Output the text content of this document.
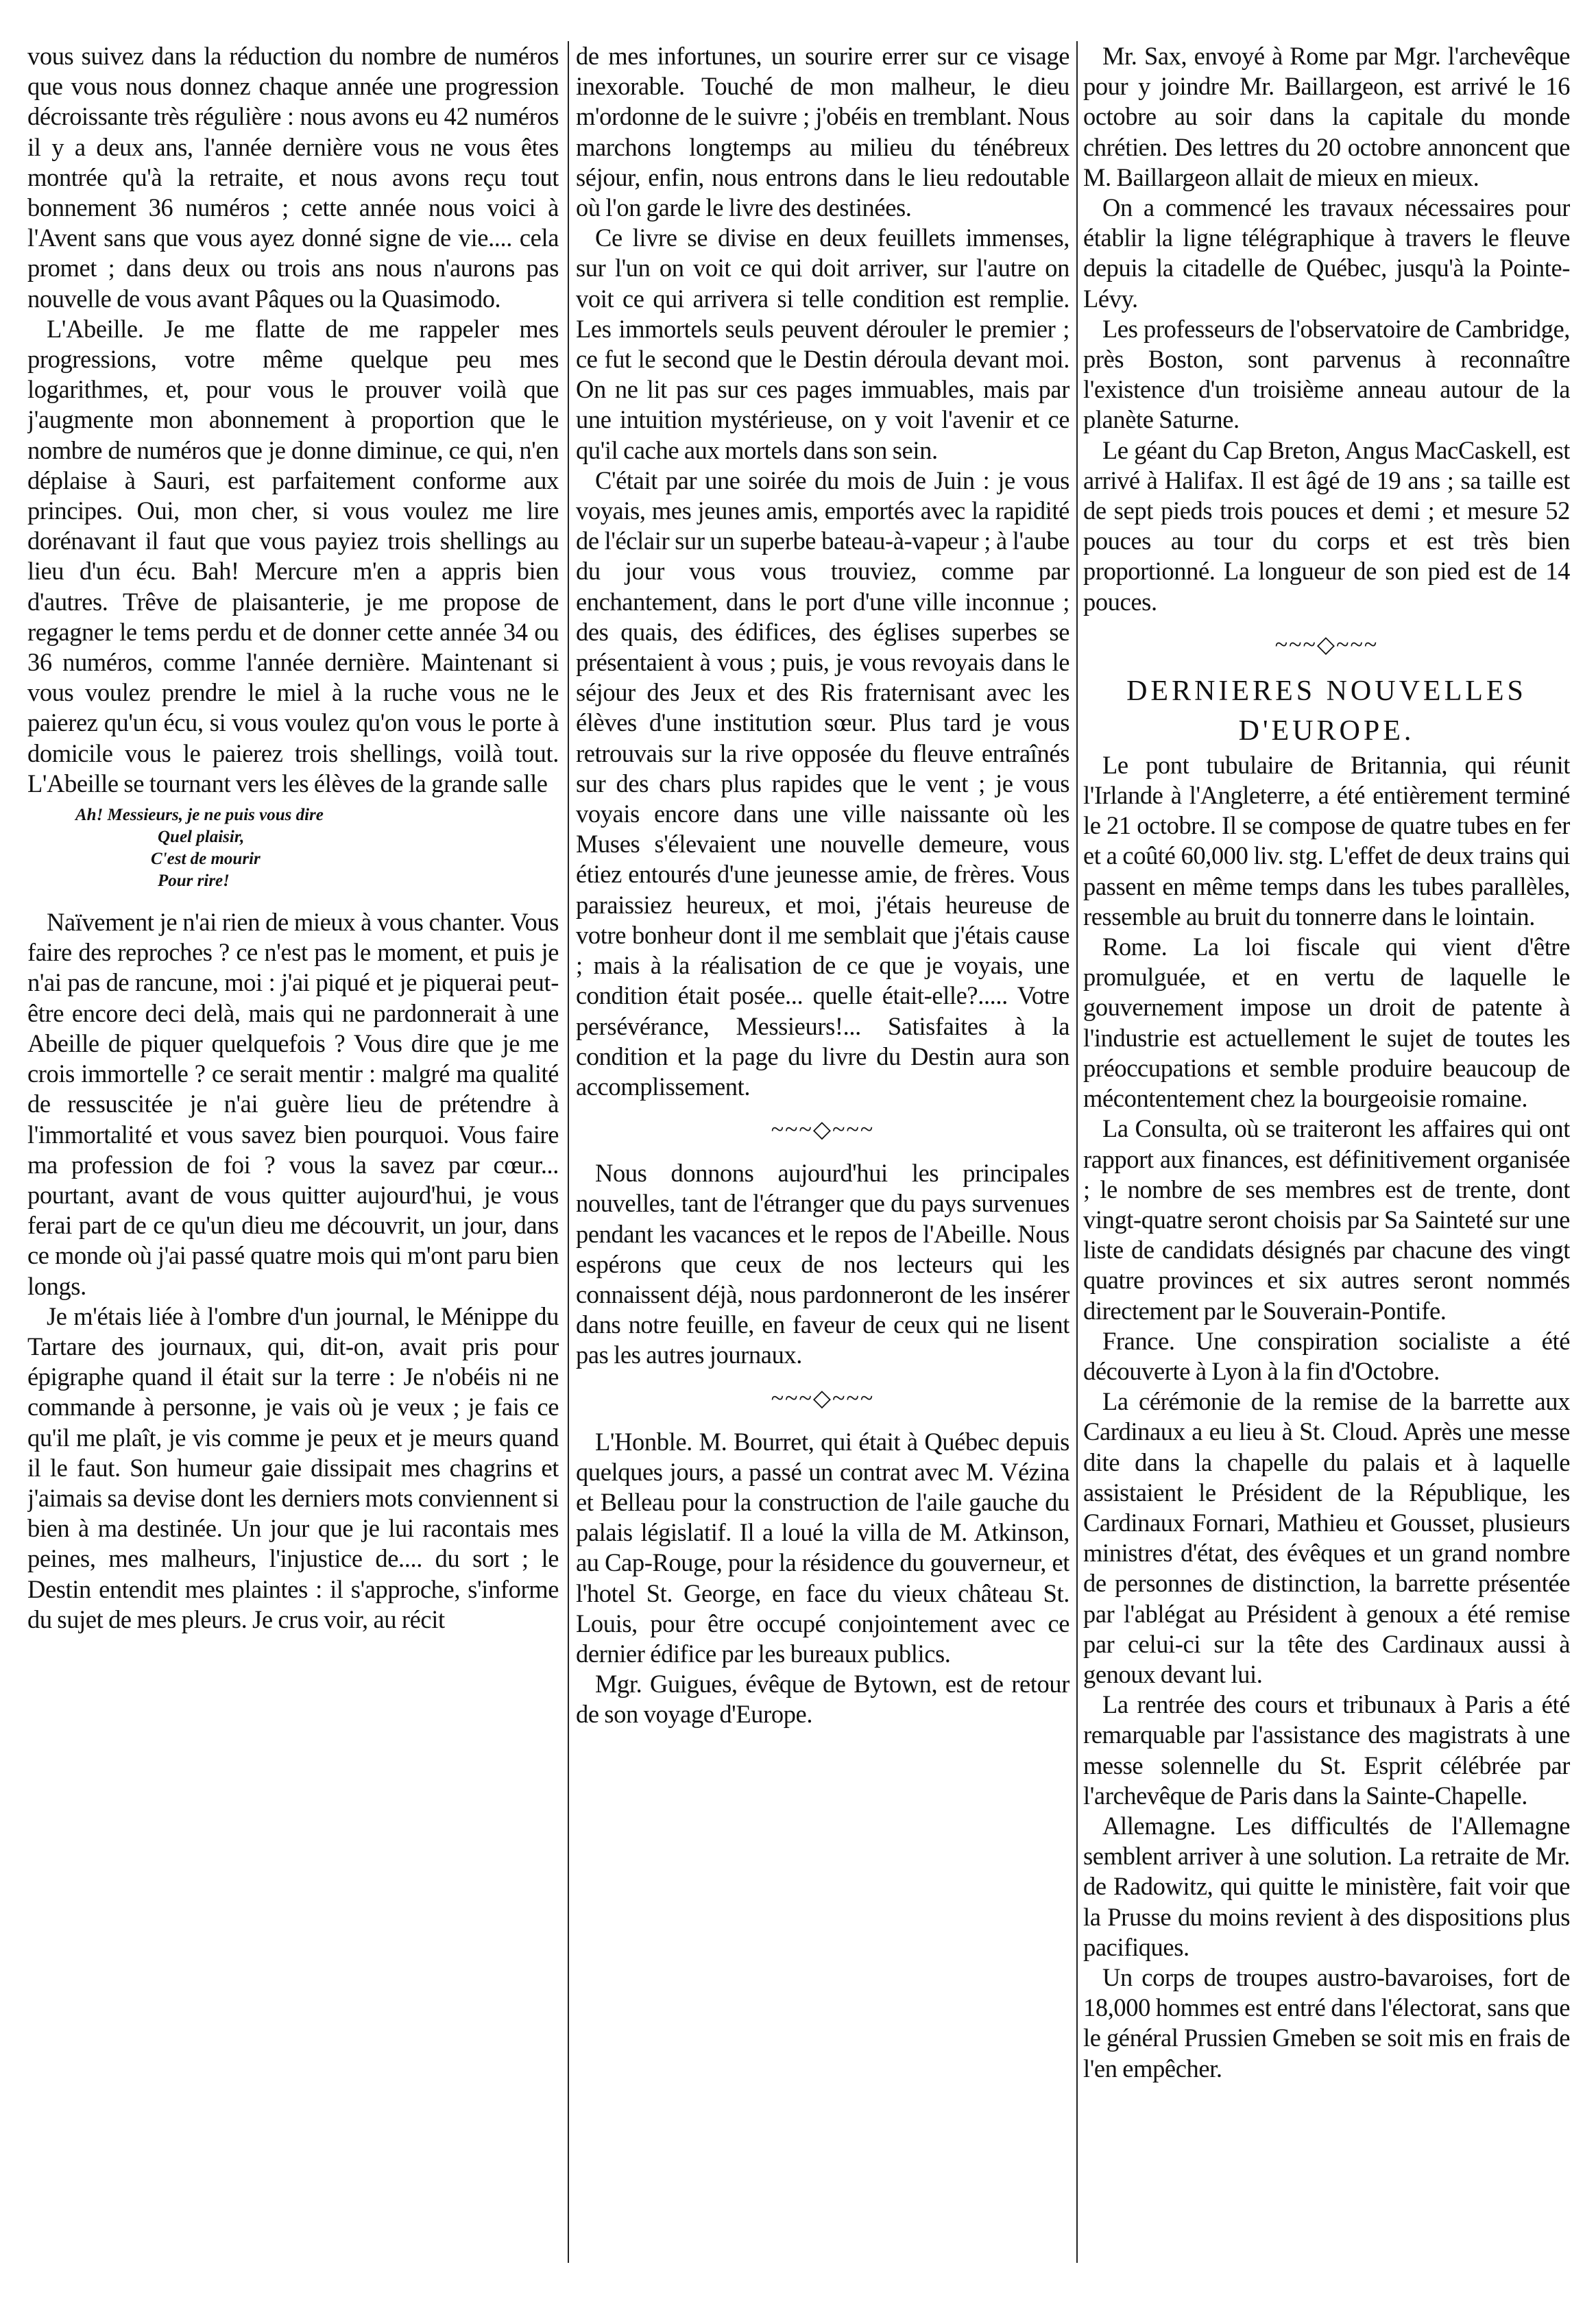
vous suivez dans la réduction du nombre de numéros que vous nous donnez chaque année une progression décroissante très régulière : nous avons eu 42 numéros il y a deux ans, l'année dernière vous ne vous êtes montrée qu'à la retraite, et nous avons reçu tout bonnement 36 numéros ; cette année nous voici à l'Avent sans que vous ayez donné signe de vie.... cela promet ; dans deux ou trois ans nous n'aurons pas nouvelle de vous avant Pâques ou la Quasimodo.

L'Abeille. Je me flatte de me rappeler mes progressions, votre même quelque peu mes logarithmes, et, pour vous le prouver voilà que j'augmente mon abonnement à proportion que le nombre de numéros que je donne diminue, ce qui, n'en déplaise à Sauri, est parfaitement conforme aux principes. Oui, mon cher, si vous voulez me lire dorénavant il faut que vous payiez trois shellings au lieu d'un écu. Bah! Mercure m'en a appris bien d'autres. Trêve de plaisanterie, je me propose de regagner le tems perdu et de donner cette année 34 ou 36 numéros, comme l'année dernière. Maintenant si vous voulez prendre le miel à la ruche vous ne le paierez qu'un écu, si vous voulez qu'on vous le porte à domicile vous le paierez trois shellings, voilà tout. L'Abeille se tournant vers les élèves de la grande salle

Ah! Messieurs, je ne puis vous dire
Quel plaisir,
C'est de mourir
Pour rire!

Naïvement je n'ai rien de mieux à vous chanter. Vous faire des reproches ? ce n'est pas le moment, et puis je n'ai pas de rancune, moi : j'ai piqué et je piquerai peut-être encore deci delà, mais qui ne pardonnerait à une Abeille de piquer quelquefois ? Vous dire que je me crois immortelle ? ce serait mentir : malgré ma qualité de ressuscitée je n'ai guère lieu de prétendre à l'immortalité et vous savez bien pourquoi. Vous faire ma profession de foi ? vous la savez par cœur... pourtant, avant de vous quitter aujourd'hui, je vous ferai part de ce qu'un dieu me découvrit, un jour, dans ce monde où j'ai passé quatre mois qui m'ont paru bien longs.

Je m'étais liée à l'ombre d'un journal, le Ménippe du Tartare des journaux, qui, dit-on, avait pris pour épigraphe quand il était sur la terre : Je n'obéis ni ne commande à personne, je vais où je veux ; je fais ce qu'il me plaît, je vis comme je peux et je meurs quand il le faut. Son humeur gaie dissipait mes chagrins et j'aimais sa devise dont les derniers mots conviennent si bien à ma destinée. Un jour que je lui racontais mes peines, mes malheurs, l'injustice de.... du sort ; le Destin entendit mes plaintes : il s'approche, s'informe du sujet de mes pleurs. Je crus voir, au récit

de mes infortunes, un sourire errer sur ce visage inexorable. Touché de mon malheur, le dieu m'ordonne de le suivre ; j'obéis en tremblant. Nous marchons longtemps au milieu du ténébreux séjour, enfin, nous entrons dans le lieu redoutable où l'on garde le livre des destinées.

Ce livre se divise en deux feuillets immenses, sur l'un on voit ce qui doit arriver, sur l'autre on voit ce qui arrivera si telle condition est remplie. Les immortels seuls peuvent dérouler le premier ; ce fut le second que le Destin déroula devant moi. On ne lit pas sur ces pages immuables, mais par une intuition mystérieuse, on y voit l'avenir et ce qu'il cache aux mortels dans son sein.

C'était par une soirée du mois de Juin : je vous voyais, mes jeunes amis, emportés avec la rapidité de l'éclair sur un superbe bateau-à-vapeur ; à l'aube du jour vous vous trouviez, comme par enchantement, dans le port d'une ville inconnue ; des quais, des édifices, des églises superbes se présentaient à vous ; puis, je vous revoyais dans le séjour des Jeux et des Ris fraternisant avec les élèves d'une institution sœur. Plus tard je vous retrouvais sur la rive opposée du fleuve entraînés sur des chars plus rapides que le vent ; je vous voyais encore dans une ville naissante où les Muses s'élevaient une nouvelle demeure, vous étiez entourés d'une jeunesse amie, de frères. Vous paraissiez heureux, et moi, j'étais heureuse de votre bonheur dont il me semblait que j'étais cause ; mais à la réalisation de ce que je voyais, une condition était posée... quelle était-elle?..... Votre persévérance, Messieurs!... Satisfaites à la condition et la page du livre du Destin aura son accomplissement.

~~~◇~~~

Nous donnons aujourd'hui les principales nouvelles, tant de l'étranger que du pays survenues pendant les vacances et le repos de l'Abeille. Nous espérons que ceux de nos lecteurs qui les connaissent déjà, nous pardonneront de les insérer dans notre feuille, en faveur de ceux qui ne lisent pas les autres journaux.

~~~◇~~~

L'Honble. M. Bourret, qui était à Québec depuis quelques jours, a passé un contrat avec M. Vézina et Belleau pour la construction de l'aile gauche du palais législatif. Il a loué la villa de M. Atkinson, au Cap-Rouge, pour la résidence du gouverneur, et l'hotel St. George, en face du vieux château St. Louis, pour être occupé conjointement avec ce dernier édifice par les bureaux publics.

Mgr. Guigues, évêque de Bytown, est de retour de son voyage d'Europe.

Mr. Sax, envoyé à Rome par Mgr. l'archevêque pour y joindre Mr. Baillargeon, est arrivé le 16 octobre au soir dans la capitale du monde chrétien. Des lettres du 20 octobre annoncent que M. Baillargeon allait de mieux en mieux.

On a commencé les travaux nécessaires pour établir la ligne télégraphique à travers le fleuve depuis la citadelle de Québec, jusqu'à la Pointe-Lévy.

Les professeurs de l'observatoire de Cambridge, près Boston, sont parvenus à reconnaître l'existence d'un troisième anneau autour de la planète Saturne.

Le géant du Cap Breton, Angus MacCaskell, est arrivé à Halifax. Il est âgé de 19 ans ; sa taille est de sept pieds trois pouces et demi ; et mesure 52 pouces au tour du corps et est très bien proportionné. La longueur de son pied est de 14 pouces.

~~~◇~~~
DERNIERES NOUVELLES
D'EUROPE.

Le pont tubulaire de Britannia, qui réunit l'Irlande à l'Angleterre, a été entièrement terminé le 21 octobre. Il se compose de quatre tubes en fer et a coûté 60,000 liv. stg. L'effet de deux trains qui passent en même temps dans les tubes parallèles, ressemble au bruit du tonnerre dans le lointain.

Rome. La loi fiscale qui vient d'être promulguée, et en vertu de laquelle le gouvernement impose un droit de patente à l'industrie est actuellement le sujet de toutes les préoccupations et semble produire beaucoup de mécontentement chez la bourgeoisie romaine.

La Consulta, où se traiteront les affaires qui ont rapport aux finances, est définitivement organisée ; le nombre de ses membres est de trente, dont vingt-quatre seront choisis par Sa Sainteté sur une liste de candidats désignés par chacune des vingt quatre provinces et six autres seront nommés directement par le Souverain-Pontife.

France. Une conspiration socialiste a été découverte à Lyon à la fin d'Octobre.

La cérémonie de la remise de la barrette aux Cardinaux a eu lieu à St. Cloud. Après une messe dite dans la chapelle du palais et à laquelle assistaient le Président de la République, les Cardinaux Fornari, Mathieu et Gousset, plusieurs ministres d'état, des évêques et un grand nombre de personnes de distinction, la barrette présentée par l'ablégat au Président à genoux a été remise par celui-ci sur la tête des Cardinaux aussi à genoux devant lui.

La rentrée des cours et tribunaux à Paris a été remarquable par l'assistance des magistrats à une messe solennelle du St. Esprit célébrée par l'archevêque de Paris dans la Sainte-Chapelle.

Allemagne. Les difficultés de l'Allemagne semblent arriver à une solution. La retraite de Mr. de Radowitz, qui quitte le ministère, fait voir que la Prusse du moins revient à des dispositions plus pacifiques.

Un corps de troupes austro-bavaroises, fort de 18,000 hommes est entré dans l'électorat, sans que le général Prussien Gmeben se soit mis en frais de l'en empêcher.
